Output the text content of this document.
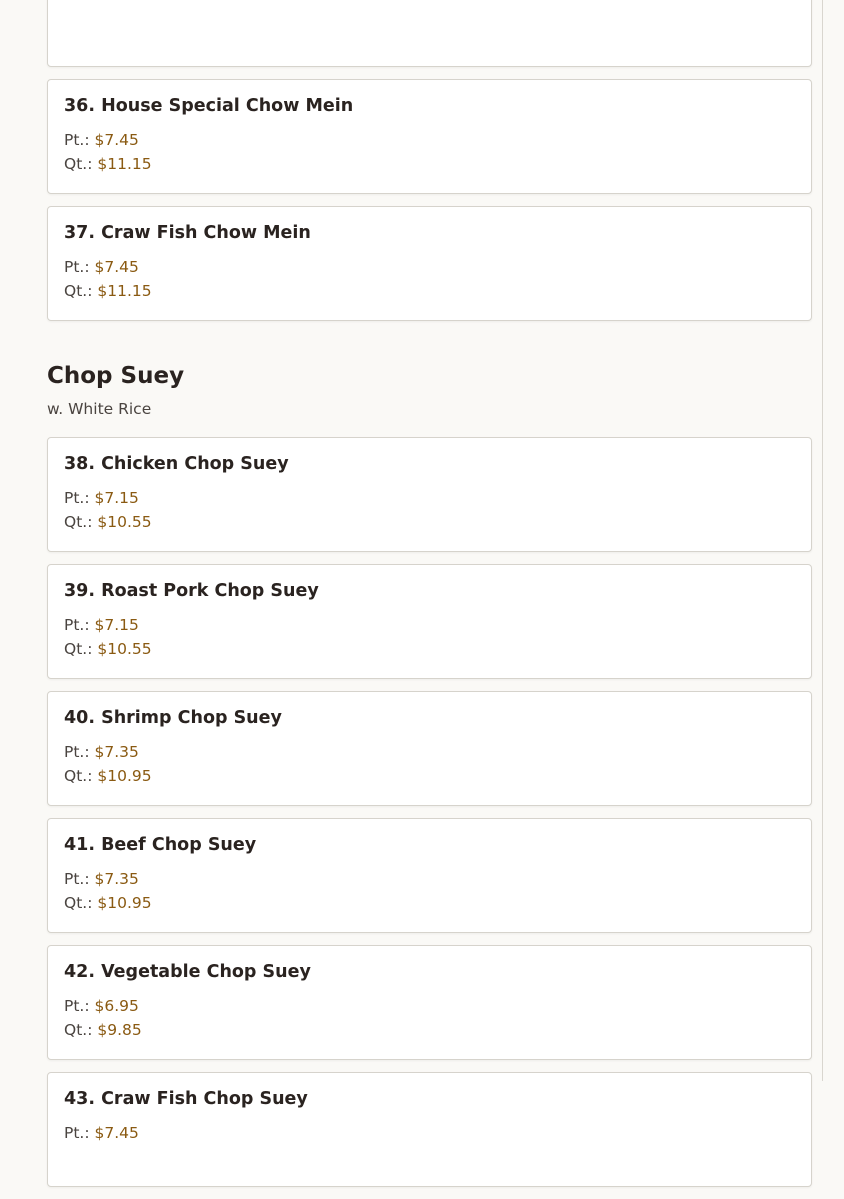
36. House Special Chow Mein
Pt.: $7.45
Qt.: $11.15
37. Craw Fish Chow Mein
Pt.: $7.45
Qt.: $11.15
Chop Suey
w. White Rice
38. Chicken Chop Suey
Pt.: $7.15
Qt.: $10.55
39. Roast Pork Chop Suey
Pt.: $7.15
Qt.: $10.55
40. Shrimp Chop Suey
Pt.: $7.35
Qt.: $10.95
41. Beef Chop Suey
Pt.: $7.35
Qt.: $10.95
42. Vegetable Chop Suey
Pt.: $6.95
Qt.: $9.85
43. Craw Fish Chop Suey
Pt.: $7.45
